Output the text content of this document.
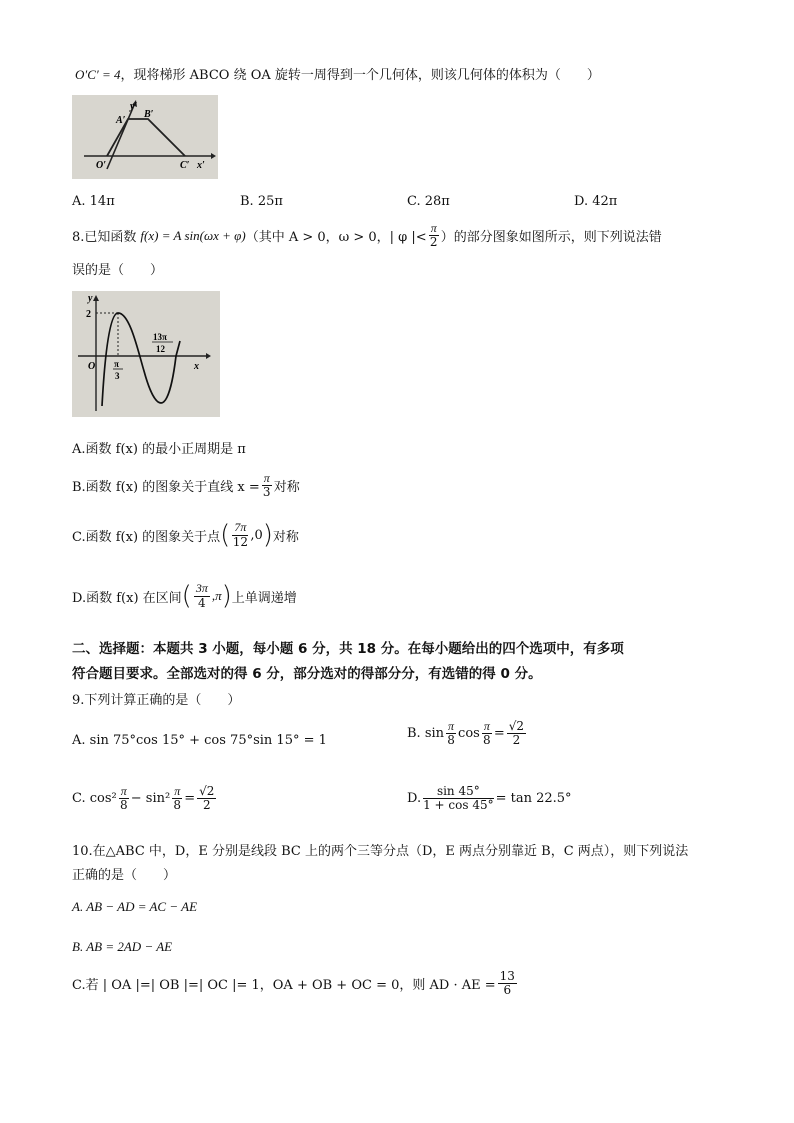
O′C′ = 4，现将梯形 ABCO 绕 OA 旋转一周得到一个几何体，则该几何体的体积为（　　）
y′
A′
B′
O′	C′ x′
A. 14π	B. 25π	C. 28π	D. 42π
8.已知函数 f(x) = A sin(ωx + φ) （其中 A > 0，ω > 0，| φ |< $\frac{\pi}{2}$ ）的部分图象如图所示，则下列说法错
误的是（　　）
y
2
O π
3
13π
12
x
A.函数 f(x) 的最小正周期是 π
B.函数 f(x) 的图象关于直线 $x = \frac{\pi}{3}$ 对称
C.函数 f(x) 的图象关于点 ( $\frac{7\pi}{12} ,0$ ) 对称
D.函数 f(x) 在区间 ( $\frac{3\pi}{4} ,\pi$ ) 上单调递增
二、选择题：本题共 3 小题，每小题 6 分，共 18 分。在每小题给出的四个选项中，有多项
符合题目要求。全部选对的得 6 分，部分选对的得部分分，有选错的得 0 分。
9.下列计算正确的是（　　）
A. sin 75°cos 15° + cos 75°sin 15° = 1	B. $\sin \frac{\pi}{8}$ $\cos \frac{\pi}{8} = \frac{√2}{2}$
C. $\cos^2 \frac{\pi}{8} - \sin^2 \frac{\pi}{8} = \frac{√2}{2}$	D. $\frac{\sin 45^\circ}{1 + \cos 45^\circ} = \tan 22.5^\circ$
10.在△ABC 中，D，E 分别是线段 BC 上的两个三等分点（D，E 两点分别靠近 B，C 两点），则下列说法
正确的是（　　）
A. AB − AD = AC − AE
B. AB = 2AD − AE
C.若 | OA |=| OB |=| OC |= 1，OA + OB + OC = 0，则 AD · AE = $\frac{13}{6}$
